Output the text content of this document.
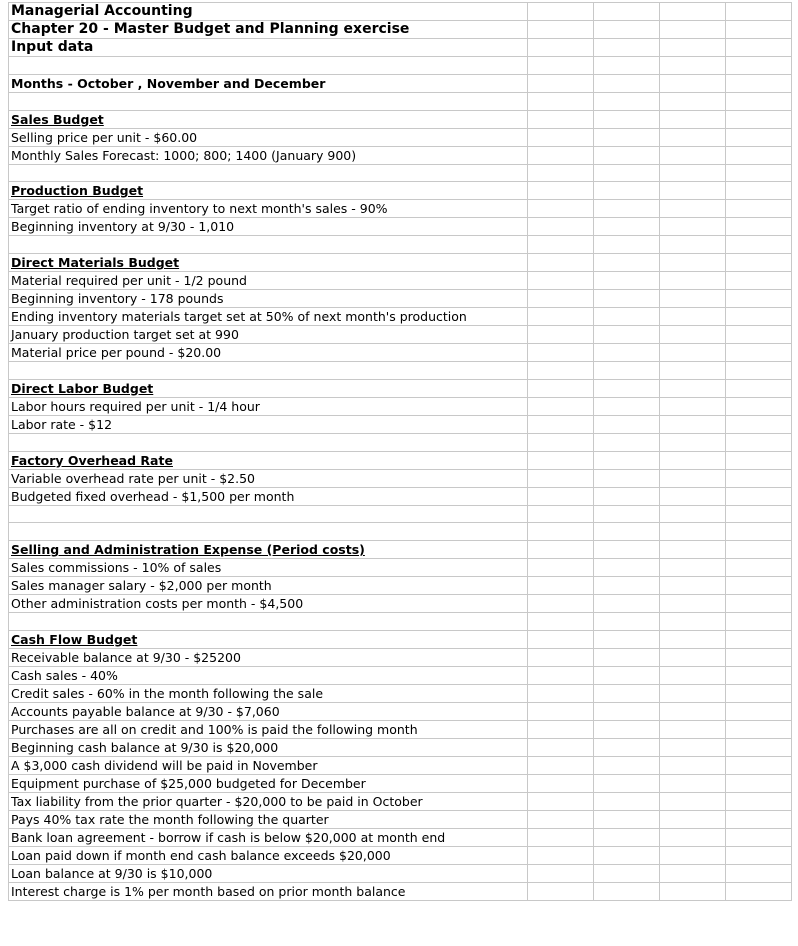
Managerial Accounting				
Chapter 20 - Master Budget and Planning exercise				
Input data				

Months - October , November and December				

Sales Budget				
Selling price per unit - $60.00				
Monthly Sales Forecast: 1000; 800; 1400 (January 900)				

Production Budget				
Target ratio of ending inventory to next month's sales - 90%				
Beginning inventory at 9/30 - 1,010				

Direct Materials Budget				
Material required per unit - 1/2 pound				
Beginning inventory - 178 pounds				
Ending inventory materials target set at 50% of next month's production				
January production target set at 990				
Material price per pound - $20.00				

Direct Labor Budget				
Labor hours required per unit - 1/4 hour				
Labor rate - $12				

Factory Overhead Rate				
Variable overhead rate per unit - $2.50				
Budgeted fixed overhead - $1,500 per month				

Selling and Administration Expense (Period costs)				
Sales commissions - 10% of sales				
Sales manager salary - $2,000 per month				
Other administration costs per month - $4,500				

Cash Flow Budget				
Receivable balance at 9/30 - $25200				
Cash sales - 40%				
Credit sales - 60% in the month following the sale				
Accounts payable balance at 9/30 - $7,060				
Purchases are all on credit and 100% is paid the following month				
Beginning cash balance at 9/30 is $20,000				
A $3,000 cash dividend will be paid in November				
Equipment purchase of $25,000 budgeted for December				
Tax liability from the prior quarter - $20,000 to be paid in October				
Pays 40% tax rate the month following the quarter				
Bank loan agreement - borrow if cash is below $20,000 at month end				
Loan paid down if month end cash balance exceeds $20,000				
Loan balance at 9/30 is $10,000				
Interest charge is 1% per month based on prior month balance				
